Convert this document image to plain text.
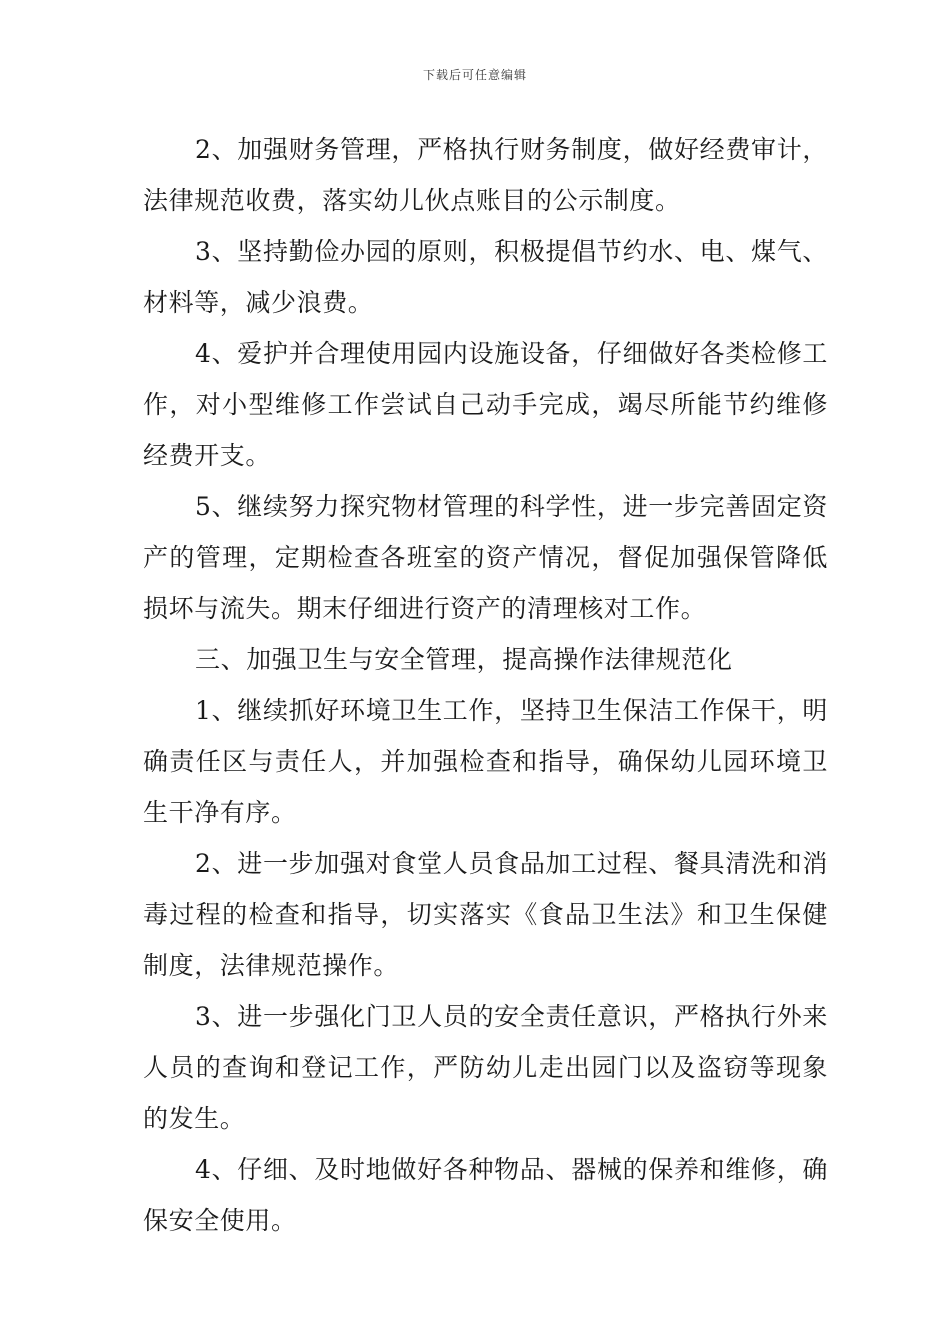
下载后可任意编辑

2、加强财务管理，严格执行财务制度，做好经费审计，法律规范收费，落实幼儿伙点账目的公示制度。

3、坚持勤俭办园的原则，积极提倡节约水、电、煤气、材料等，减少浪费。

4、爱护并合理使用园内设施设备，仔细做好各类检修工作，对小型维修工作尝试自己动手完成，竭尽所能节约维修经费开支。

5、继续努力探究物材管理的科学性，进一步完善固定资产的管理，定期检查各班室的资产情况，督促加强保管降低损坏与流失。期末仔细进行资产的清理核对工作。

三、加强卫生与安全管理，提高操作法律规范化

1、继续抓好环境卫生工作，坚持卫生保洁工作保干，明确责任区与责任人，并加强检查和指导，确保幼儿园环境卫生干净有序。

2、进一步加强对食堂人员食品加工过程、餐具清洗和消毒过程的检查和指导，切实落实《食品卫生法》和卫生保健制度，法律规范操作。

3、进一步强化门卫人员的安全责任意识，严格执行外来人员的查询和登记工作，严防幼儿走出园门以及盗窃等现象的发生。

4、仔细、及时地做好各种物品、器械的保养和维修，确保安全使用。
